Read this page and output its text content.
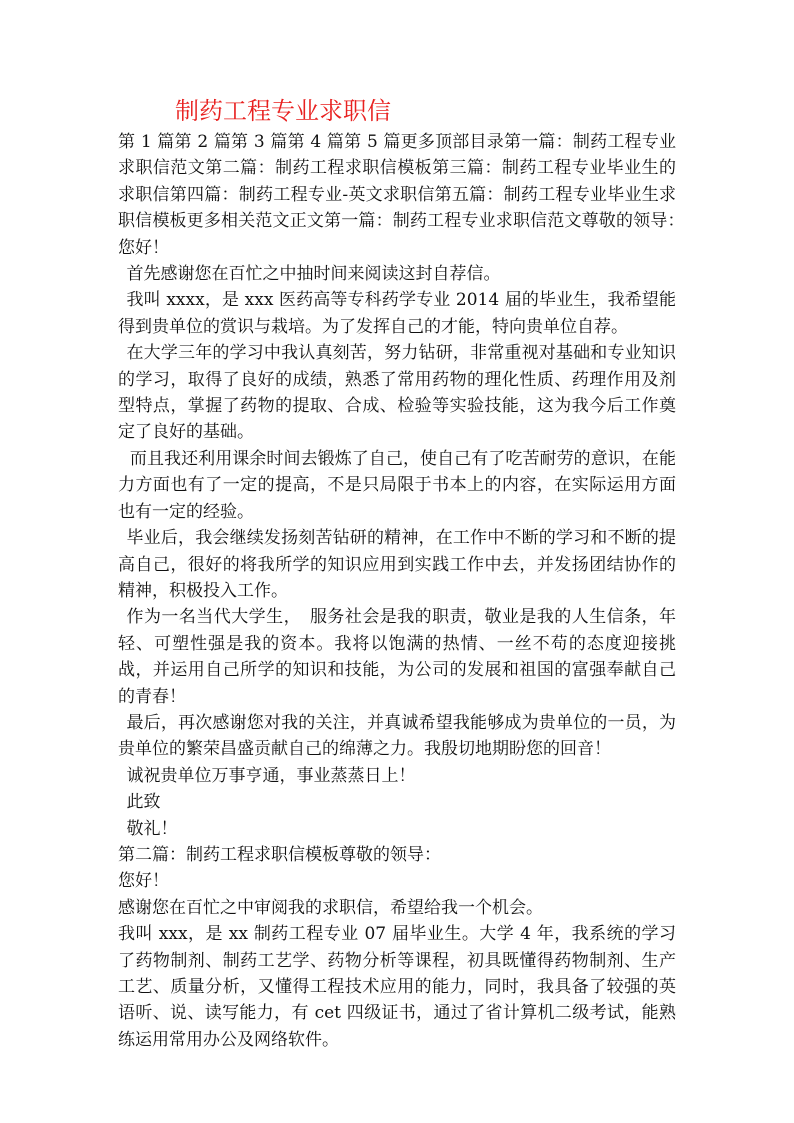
制药工程专业求职信

第 1 篇第 2 篇第 3 篇第 4 篇第 5 篇更多顶部目录第一篇：制药工程专业求职信范文第二篇：制药工程求职信模板第三篇：制药工程专业毕业生的求职信第四篇：制药工程专业-英文求职信第五篇：制药工程专业毕业生求职信模板更多相关范文正文第一篇：制药工程专业求职信范文尊敬的领导：　您好！

首先感谢您在百忙之中抽时间来阅读这封自荐信。

我叫 xxxx，是 xxx 医药高等专科药学专业 2014 届的毕业生，我希望能得到贵单位的赏识与栽培。为了发挥自己的才能，特向贵单位自荐。

在大学三年的学习中我认真刻苦，努力钻研，非常重视对基础和专业知识的学习，取得了良好的成绩，熟悉了常用药物的理化性质、药理作用及剂型特点，掌握了药物的提取、合成、检验等实验技能，这为我今后工作奠定了良好的基础。

而且我还利用课余时间去锻炼了自己，使自己有了吃苦耐劳的意识，在能力方面也有了一定的提高，不是只局限于书本上的内容，在实际运用方面也有一定的经验。

毕业后，我会继续发扬刻苦钻研的精神，在工作中不断的学习和不断的提高自己，很好的将我所学的知识应用到实践工作中去，并发扬团结协作的精神，积极投入工作。

作为一名当代大学生，　服务社会是我的职责，敬业是我的人生信条，年轻、可塑性强是我的资本。我将以饱满的热情、一丝不苟的态度迎接挑战，并运用自己所学的知识和技能，为公司的发展和祖国的富强奉献自己的青春！

最后，再次感谢您对我的关注，并真诚希望我能够成为贵单位的一员，为贵单位的繁荣昌盛贡献自己的绵薄之力。我殷切地期盼您的回音！

诚祝贵单位万事亨通，事业蒸蒸日上！

此致

敬礼！

第二篇：制药工程求职信模板尊敬的领导：

您好！

感谢您在百忙之中审阅我的求职信，希望给我一个机会。

我叫 xxx，是 xx 制药工程专业 07 届毕业生。大学 4 年，我系统的学习了药物制剂、制药工艺学、药物分析等课程，初具既懂得药物制剂、生产工艺、质量分析，又懂得工程技术应用的能力，同时，我具备了较强的英语听、说、读写能力，有 cet 四级证书，通过了省计算机二级考试，能熟练运用常用办公及网络软件。
